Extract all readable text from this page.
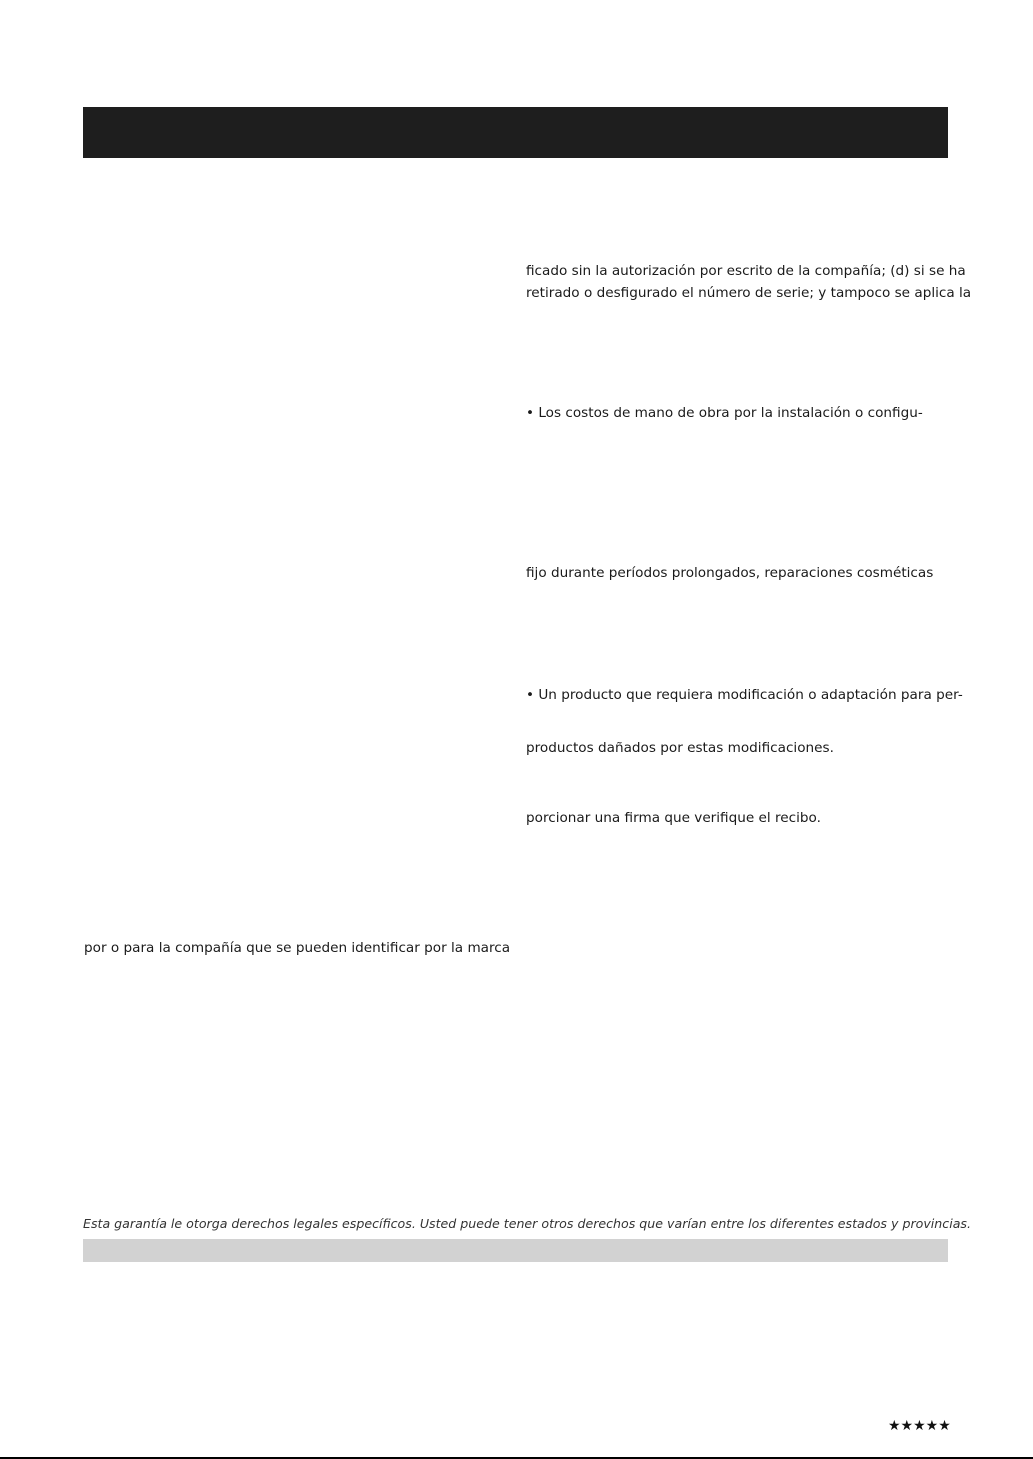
ficado sin la autorización por escrito de la compañía; (d) si se ha
retirado o desfigurado el número de serie; y tampoco se aplica la
• Los costos de mano de obra por la instalación o configu-
fijo durante períodos prolongados, reparaciones cosméticas
• Un producto que requiera modificación o adaptación para per-
productos dañados por estas modificaciones.
porcionar una firma que verifique el recibo.
por o para la compañía que se pueden identificar por la marca
Esta garantía le otorga derechos legales específicos. Usted puede tener otros derechos que varían entre los diferentes estados y provincias.
★★★★★
